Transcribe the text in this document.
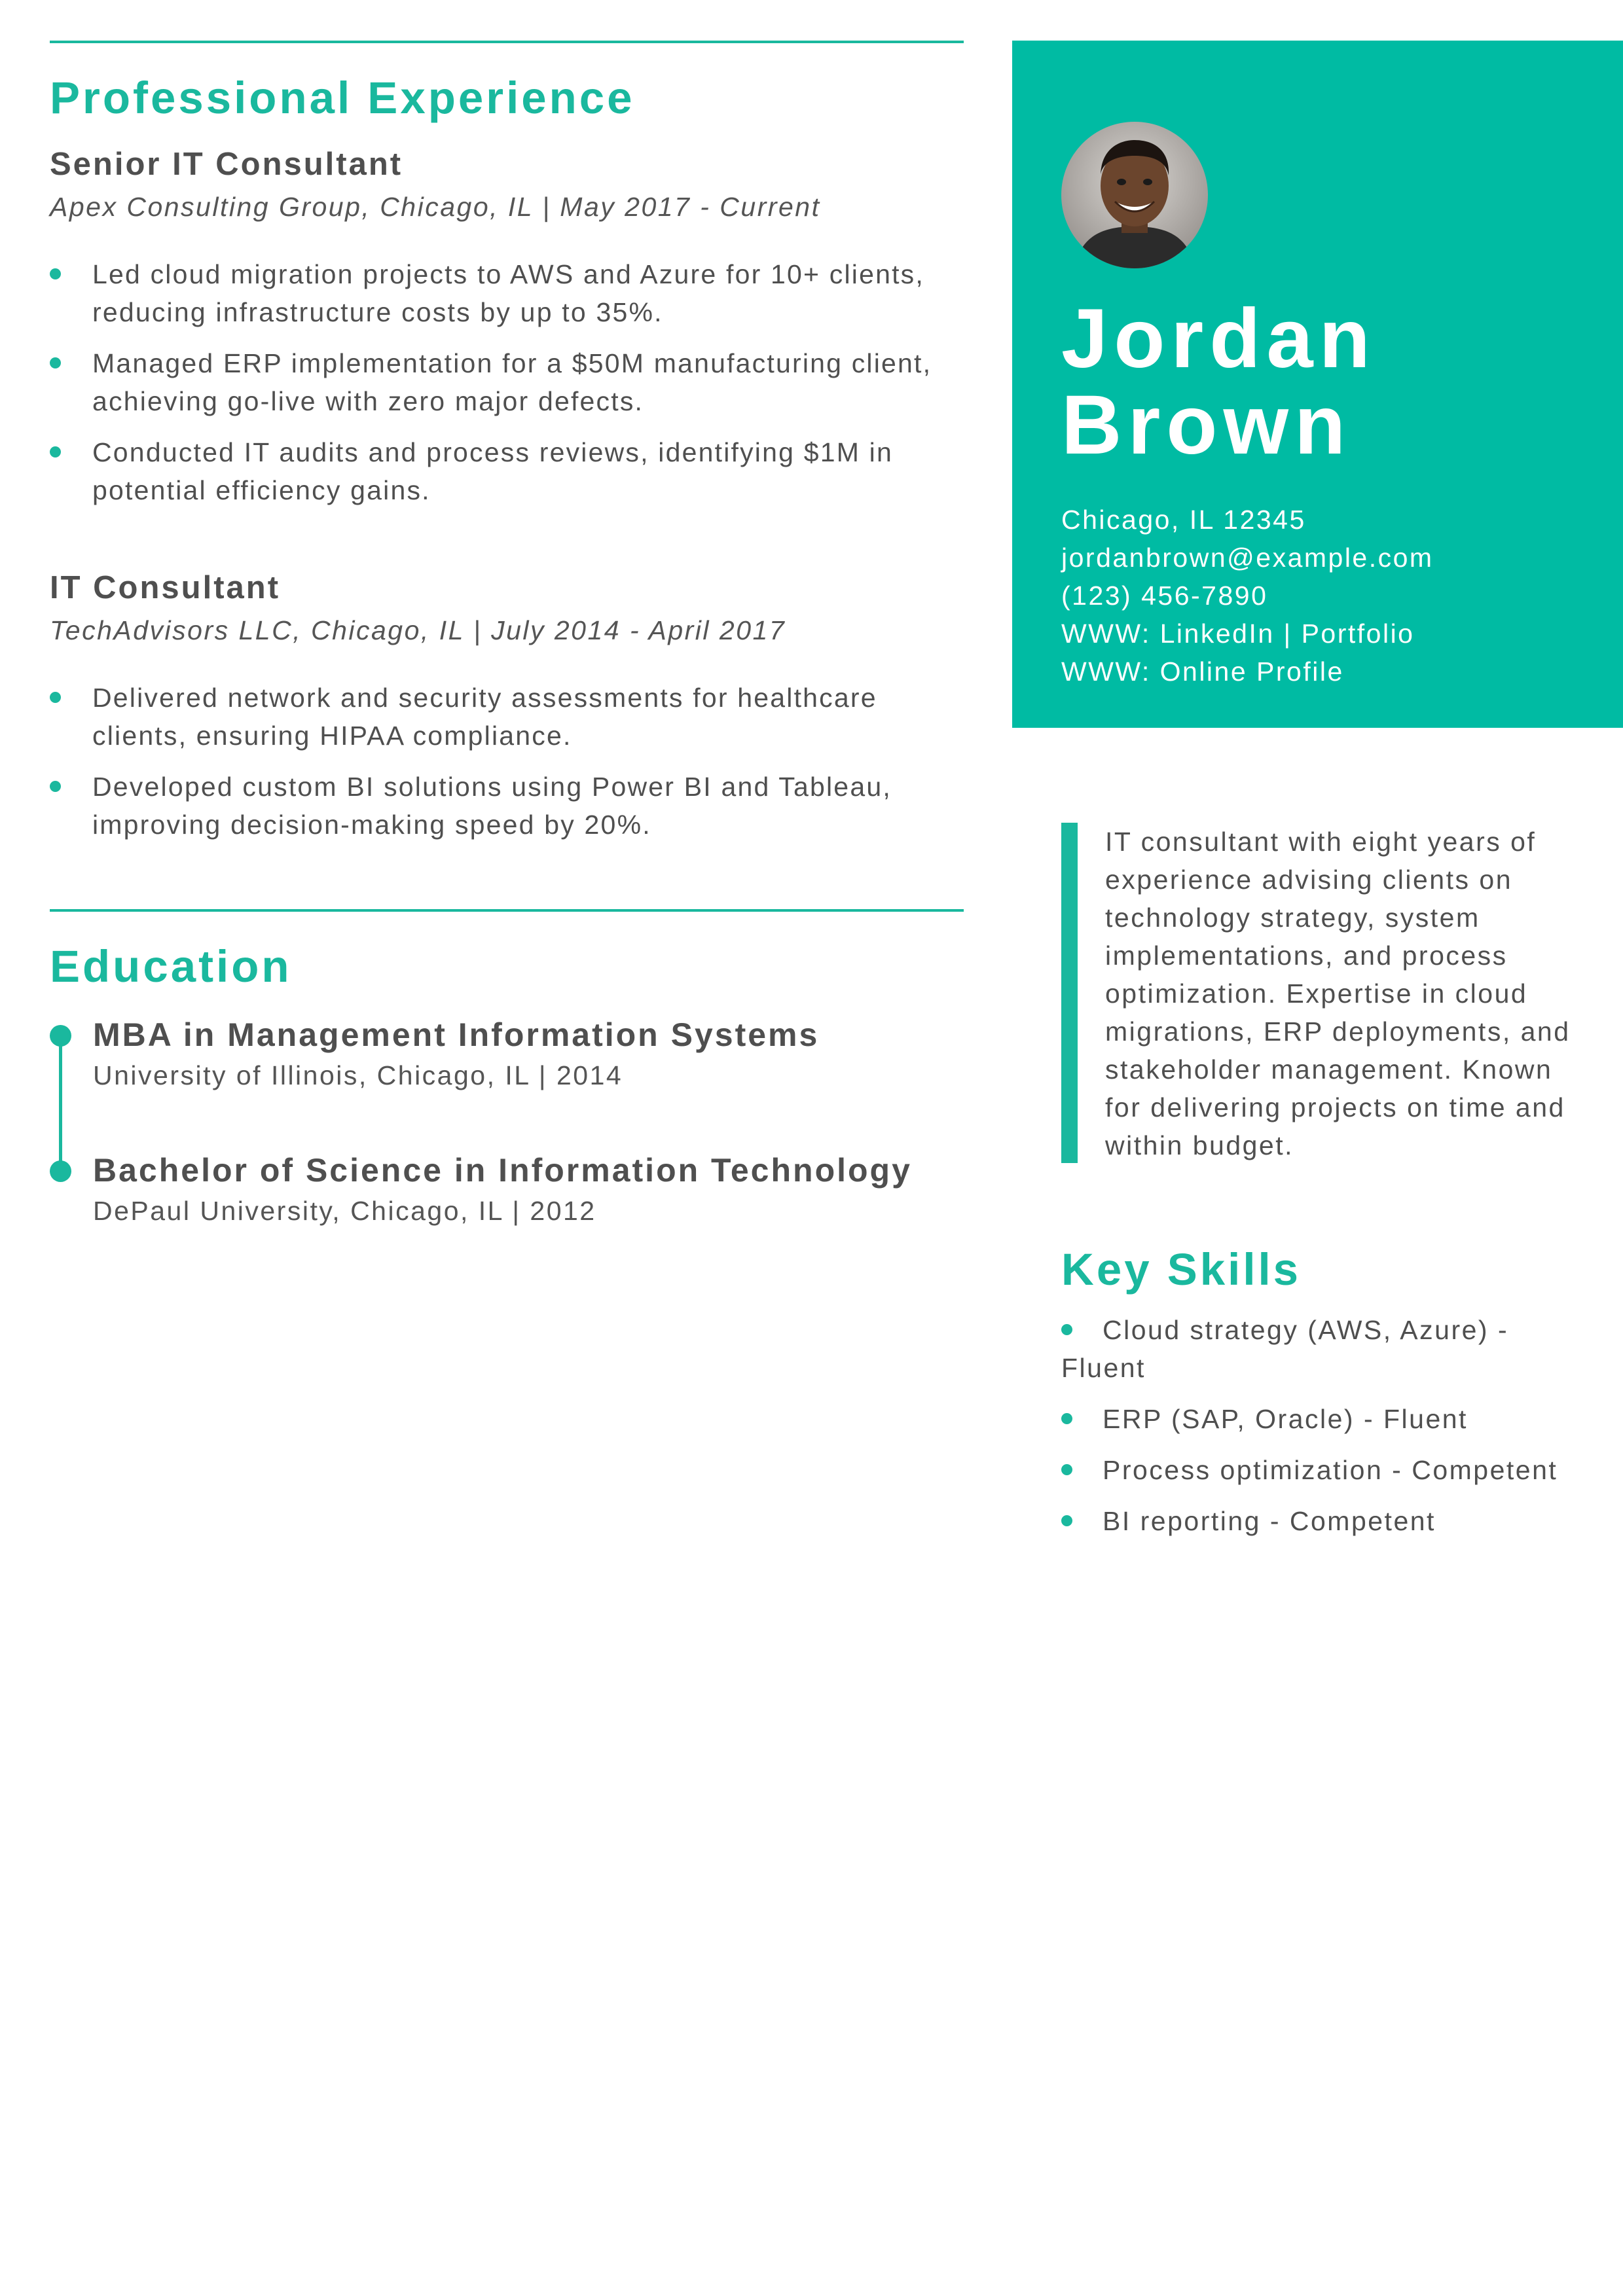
Professional Experience
Senior IT Consultant
Apex Consulting Group, Chicago, IL | May 2017 - Current
Led cloud migration projects to AWS and Azure for 10+ clients, reducing infrastructure costs by up to 35%.
Managed ERP implementation for a $50M manufacturing client, achieving go-live with zero major defects.
Conducted IT audits and process reviews, identifying $1M in potential efficiency gains.
IT Consultant
TechAdvisors LLC, Chicago, IL | July 2014 - April 2017
Delivered network and security assessments for healthcare clients, ensuring HIPAA compliance.
Developed custom BI solutions using Power BI and Tableau, improving decision-making speed by 20%.
Education
MBA in Management Information Systems
University of Illinois, Chicago, IL | 2014
Bachelor of Science in Information Technology
DePaul University, Chicago, IL | 2012
Jordan
Brown
Chicago, IL 12345
jordanbrown@example.com
(123) 456-7890
WWW: LinkedIn | Portfolio
WWW: Online Profile
IT consultant with eight years of experience advising clients on technology strategy, system implementations, and process optimization. Expertise in cloud migrations, ERP deployments, and stakeholder management. Known for delivering projects on time and within budget.
Key Skills
Cloud strategy (AWS, Azure) - Fluent
ERP (SAP, Oracle) - Fluent
Process optimization - Competent
BI reporting - Competent
